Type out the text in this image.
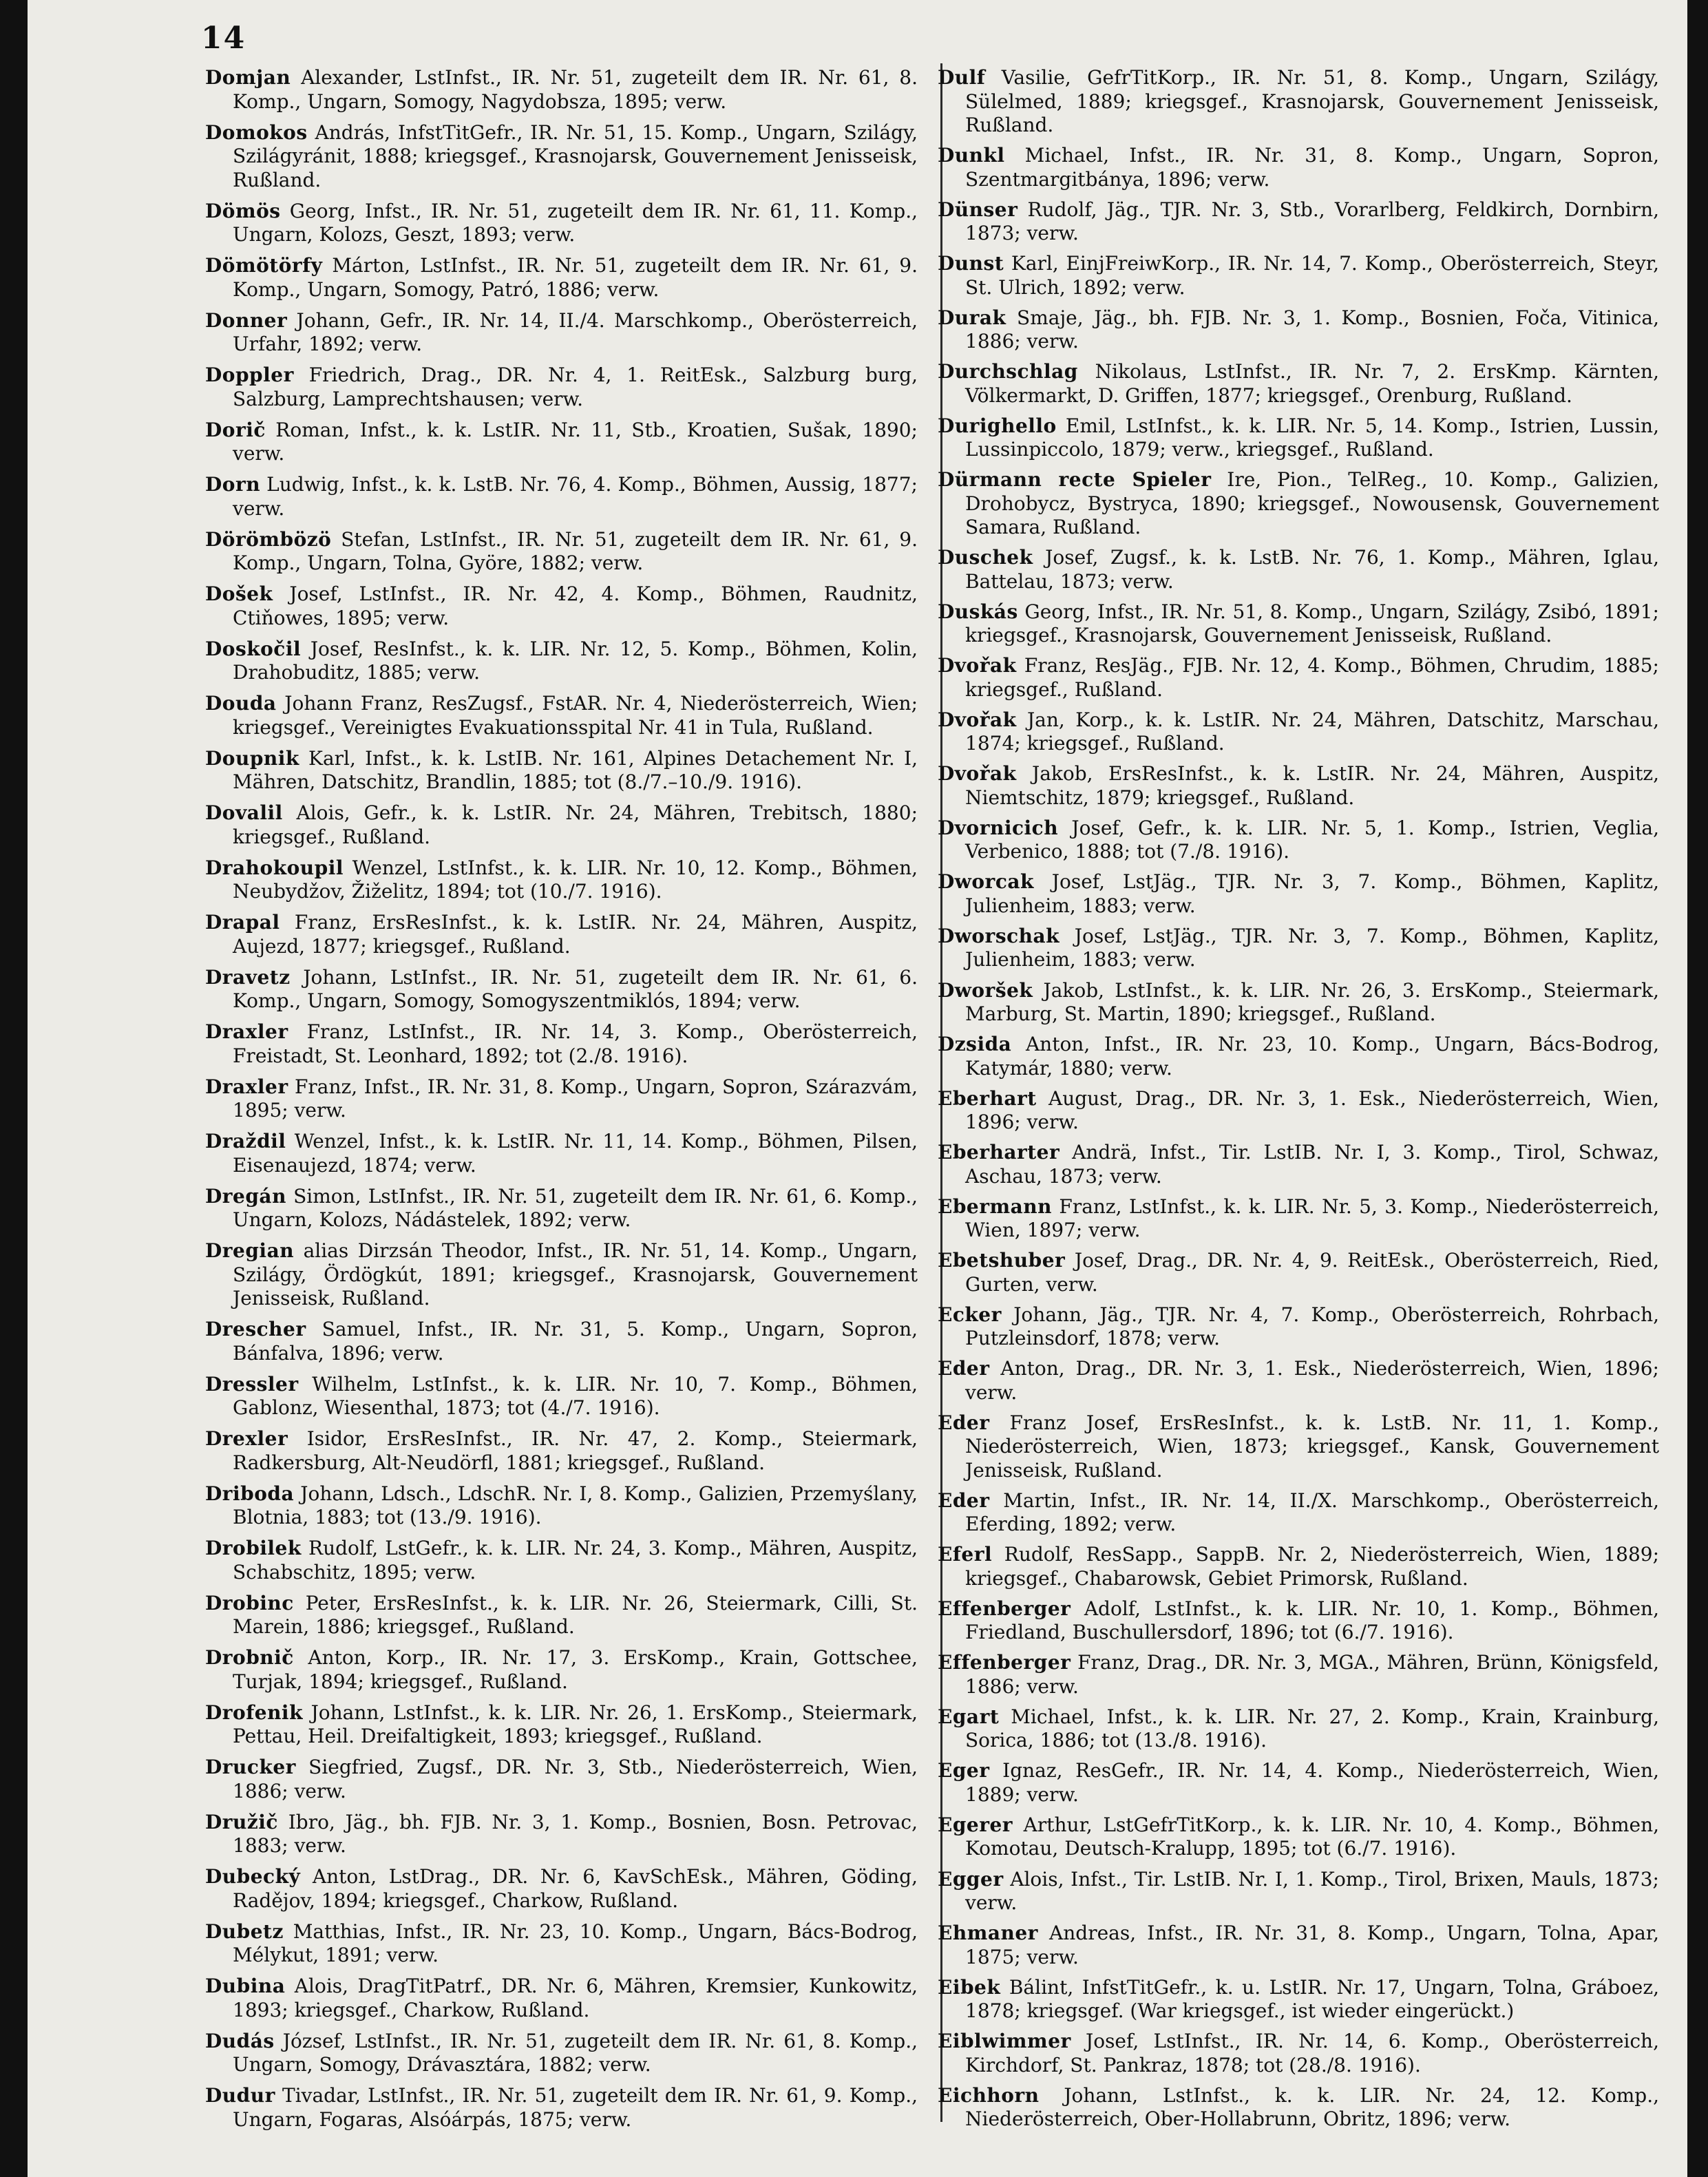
14
Domjan Alexander, LstInfst., IR. Nr. 51, zugeteilt dem IR. Nr. 61, 8. Komp., Ungarn, Somogy, Nagydobsza, 1895; verw.
Domokos András, InfstTitGefr., IR. Nr. 51, 15. Komp., Ungarn, Szilágy, Szilágyránit, 1888; kriegsgef., Krasnojarsk, Gouvernement Jenisseisk, Rußland.
Dömös Georg, Infst., IR. Nr. 51, zugeteilt dem IR. Nr. 61, 11. Komp., Ungarn, Kolozs, Geszt, 1893; verw.
Dömötörfy Márton, LstInfst., IR. Nr. 51, zugeteilt dem IR. Nr. 61, 9. Komp., Ungarn, Somogy, Patró, 1886; verw.
Donner Johann, Gefr., IR. Nr. 14, II./4. Marschkomp., Oberösterreich, Urfahr, 1892; verw.
Doppler Friedrich, Drag., DR. Nr. 4, 1. ReitEsk., Salzburg burg, Salzburg, Lamprechtshausen; verw.
Dorič Roman, Infst., k. k. LstIR. Nr. 11, Stb., Kroatien, Sušak, 1890; verw.
Dorn Ludwig, Infst., k. k. LstB. Nr. 76, 4. Komp., Böhmen, Aussig, 1877; verw.
Dörömbözö Stefan, LstInfst., IR. Nr. 51, zugeteilt dem IR. Nr. 61, 9. Komp., Ungarn, Tolna, Györe, 1882; verw.
Došek Josef, LstInfst., IR. Nr. 42, 4. Komp., Böhmen, Raudnitz, Ctiňowes, 1895; verw.
Doskočil Josef, ResInfst., k. k. LIR. Nr. 12, 5. Komp., Böhmen, Kolin, Drahobuditz, 1885; verw.
Douda Johann Franz, ResZugsf., FstAR. Nr. 4, Niederösterreich, Wien; kriegsgef., Vereinigtes Evakuationsspital Nr. 41 in Tula, Rußland.
Doupnik Karl, Infst., k. k. LstIB. Nr. 161, Alpines Detachement Nr. I, Mähren, Datschitz, Brandlin, 1885; tot (8./7.–10./9. 1916).
Dovalil Alois, Gefr., k. k. LstIR. Nr. 24, Mähren, Trebitsch, 1880; kriegsgef., Rußland.
Drahokoupil Wenzel, LstInfst., k. k. LIR. Nr. 10, 12. Komp., Böhmen, Neubydžov, Žiželitz, 1894; tot (10./7. 1916).
Drapal Franz, ErsResInfst., k. k. LstIR. Nr. 24, Mähren, Auspitz, Aujezd, 1877; kriegsgef., Rußland.
Dravetz Johann, LstInfst., IR. Nr. 51, zugeteilt dem IR. Nr. 61, 6. Komp., Ungarn, Somogy, Somogyszentmiklós, 1894; verw.
Draxler Franz, LstInfst., IR. Nr. 14, 3. Komp., Oberösterreich, Freistadt, St. Leonhard, 1892; tot (2./8. 1916).
Draxler Franz, Infst., IR. Nr. 31, 8. Komp., Ungarn, Sopron, Szárazvám, 1895; verw.
Draždil Wenzel, Infst., k. k. LstIR. Nr. 11, 14. Komp., Böhmen, Pilsen, Eisenaujezd, 1874; verw.
Dregán Simon, LstInfst., IR. Nr. 51, zugeteilt dem IR. Nr. 61, 6. Komp., Ungarn, Kolozs, Nádástelek, 1892; verw.
Dregian alias Dirzsán Theodor, Infst., IR. Nr. 51, 14. Komp., Ungarn, Szilágy, Ördögkút, 1891; kriegsgef., Krasnojarsk, Gouvernement Jenisseisk, Rußland.
Drescher Samuel, Infst., IR. Nr. 31, 5. Komp., Ungarn, Sopron, Bánfalva, 1896; verw.
Dressler Wilhelm, LstInfst., k. k. LIR. Nr. 10, 7. Komp., Böhmen, Gablonz, Wiesenthal, 1873; tot (4./7. 1916).
Drexler Isidor, ErsResInfst., IR. Nr. 47, 2. Komp., Steiermark, Radkersburg, Alt-Neudörfl, 1881; kriegsgef., Rußland.
Driboda Johann, Ldsch., LdschR. Nr. I, 8. Komp., Galizien, Przemyślany, Blotnia, 1883; tot (13./9. 1916).
Drobilek Rudolf, LstGefr., k. k. LIR. Nr. 24, 3. Komp., Mähren, Auspitz, Schabschitz, 1895; verw.
Drobinc Peter, ErsResInfst., k. k. LIR. Nr. 26, Steiermark, Cilli, St. Marein, 1886; kriegsgef., Rußland.
Drobnič Anton, Korp., IR. Nr. 17, 3. ErsKomp., Krain, Gottschee, Turjak, 1894; kriegsgef., Rußland.
Drofenik Johann, LstInfst., k. k. LIR. Nr. 26, 1. ErsKomp., Steiermark, Pettau, Heil. Dreifaltigkeit, 1893; kriegsgef., Rußland.
Drucker Siegfried, Zugsf., DR. Nr. 3, Stb., Niederösterreich, Wien, 1886; verw.
Družič Ibro, Jäg., bh. FJB. Nr. 3, 1. Komp., Bosnien, Bosn. Petrovac, 1883; verw.
Dubecký Anton, LstDrag., DR. Nr. 6, KavSchEsk., Mähren, Göding, Radějov, 1894; kriegsgef., Charkow, Rußland.
Dubetz Matthias, Infst., IR. Nr. 23, 10. Komp., Ungarn, Bács-Bodrog, Mélykut, 1891; verw.
Dubina Alois, DragTitPatrf., DR. Nr. 6, Mähren, Kremsier, Kunkowitz, 1893; kriegsgef., Charkow, Rußland.
Dudás József, LstInfst., IR. Nr. 51, zugeteilt dem IR. Nr. 61, 8. Komp., Ungarn, Somogy, Drávasztára, 1882; verw.
Dudur Tivadar, LstInfst., IR. Nr. 51, zugeteilt dem IR. Nr. 61, 9. Komp., Ungarn, Fogaras, Alsóárpás, 1875; verw.
Dulf Vasilie, GefrTitKorp., IR. Nr. 51, 8. Komp., Ungarn, Szilágy, Sülelmed, 1889; kriegsgef., Krasnojarsk, Gouvernement Jenisseisk, Rußland.
Dunkl Michael, Infst., IR. Nr. 31, 8. Komp., Ungarn, Sopron, Szentmargitbánya, 1896; verw.
Dünser Rudolf, Jäg., TJR. Nr. 3, Stb., Vorarlberg, Feldkirch, Dornbirn, 1873; verw.
Dunst Karl, EinjFreiwKorp., IR. Nr. 14, 7. Komp., Oberösterreich, Steyr, St. Ulrich, 1892; verw.
Durak Smaje, Jäg., bh. FJB. Nr. 3, 1. Komp., Bosnien, Foča, Vitinica, 1886; verw.
Durchschlag Nikolaus, LstInfst., IR. Nr. 7, 2. ErsKmp. Kärnten, Völkermarkt, D. Griffen, 1877; kriegsgef., Orenburg, Rußland.
Durighello Emil, LstInfst., k. k. LIR. Nr. 5, 14. Komp., Istrien, Lussin, Lussinpiccolo, 1879; verw., kriegsgef., Rußland.
Dürmann recte Spieler Ire, Pion., TelReg., 10. Komp., Galizien, Drohobycz, Bystryca, 1890; kriegsgef., Nowousensk, Gouvernement Samara, Rußland.
Duschek Josef, Zugsf., k. k. LstB. Nr. 76, 1. Komp., Mähren, Iglau, Battelau, 1873; verw.
Duskás Georg, Infst., IR. Nr. 51, 8. Komp., Ungarn, Szilágy, Zsibó, 1891; kriegsgef., Krasnojarsk, Gouvernement Jenisseisk, Rußland.
Dvořak Franz, ResJäg., FJB. Nr. 12, 4. Komp., Böhmen, Chrudim, 1885; kriegsgef., Rußland.
Dvořak Jan, Korp., k. k. LstIR. Nr. 24, Mähren, Datschitz, Marschau, 1874; kriegsgef., Rußland.
Dvořak Jakob, ErsResInfst., k. k. LstIR. Nr. 24, Mähren, Auspitz, Niemtschitz, 1879; kriegsgef., Rußland.
Dvornicich Josef, Gefr., k. k. LIR. Nr. 5, 1. Komp., Istrien, Veglia, Verbenico, 1888; tot (7./8. 1916).
Dworcak Josef, LstJäg., TJR. Nr. 3, 7. Komp., Böhmen, Kaplitz, Julienheim, 1883; verw.
Dworschak Josef, LstJäg., TJR. Nr. 3, 7. Komp., Böhmen, Kaplitz, Julienheim, 1883; verw.
Dworšek Jakob, LstInfst., k. k. LIR. Nr. 26, 3. ErsKomp., Steiermark, Marburg, St. Martin, 1890; kriegsgef., Rußland.
Dzsida Anton, Infst., IR. Nr. 23, 10. Komp., Ungarn, Bács-Bodrog, Katymár, 1880; verw.
Eberhart August, Drag., DR. Nr. 3, 1. Esk., Niederösterreich, Wien, 1896; verw.
Eberharter Andrä, Infst., Tir. LstIB. Nr. I, 3. Komp., Tirol, Schwaz, Aschau, 1873; verw.
Ebermann Franz, LstInfst., k. k. LIR. Nr. 5, 3. Komp., Niederösterreich, Wien, 1897; verw.
Ebetshuber Josef, Drag., DR. Nr. 4, 9. ReitEsk., Oberösterreich, Ried, Gurten, verw.
Ecker Johann, Jäg., TJR. Nr. 4, 7. Komp., Oberösterreich, Rohrbach, Putzleinsdorf, 1878; verw.
Eder Anton, Drag., DR. Nr. 3, 1. Esk., Niederösterreich, Wien, 1896; verw.
Eder Franz Josef, ErsResInfst., k. k. LstB. Nr. 11, 1. Komp., Niederösterreich, Wien, 1873; kriegsgef., Kansk, Gouvernement Jenisseisk, Rußland.
Eder Martin, Infst., IR. Nr. 14, II./X. Marschkomp., Oberösterreich, Eferding, 1892; verw.
Eferl Rudolf, ResSapp., SappB. Nr. 2, Niederösterreich, Wien, 1889; kriegsgef., Chabarowsk, Gebiet Primorsk, Rußland.
Effenberger Adolf, LstInfst., k. k. LIR. Nr. 10, 1. Komp., Böhmen, Friedland, Buschullersdorf, 1896; tot (6./7. 1916).
Effenberger Franz, Drag., DR. Nr. 3, MGA., Mähren, Brünn, Königsfeld, 1886; verw.
Egart Michael, Infst., k. k. LIR. Nr. 27, 2. Komp., Krain, Krainburg, Sorica, 1886; tot (13./8. 1916).
Eger Ignaz, ResGefr., IR. Nr. 14, 4. Komp., Niederösterreich, Wien, 1889; verw.
Egerer Arthur, LstGefrTitKorp., k. k. LIR. Nr. 10, 4. Komp., Böhmen, Komotau, Deutsch-Kralupp, 1895; tot (6./7. 1916).
Egger Alois, Infst., Tir. LstIB. Nr. I, 1. Komp., Tirol, Brixen, Mauls, 1873; verw.
Ehmaner Andreas, Infst., IR. Nr. 31, 8. Komp., Ungarn, Tolna, Apar, 1875; verw.
Eibek Bálint, InfstTitGefr., k. u. LstIR. Nr. 17, Ungarn, Tolna, Gráboez, 1878; kriegsgef. (War kriegsgef., ist wieder eingerückt.)
Eiblwimmer Josef, LstInfst., IR. Nr. 14, 6. Komp., Oberösterreich, Kirchdorf, St. Pankraz, 1878; tot (28./8. 1916).
Eichhorn Johann, LstInfst., k. k. LIR. Nr. 24, 12. Komp., Niederösterreich, Ober-Hollabrunn, Obritz, 1896; verw.
